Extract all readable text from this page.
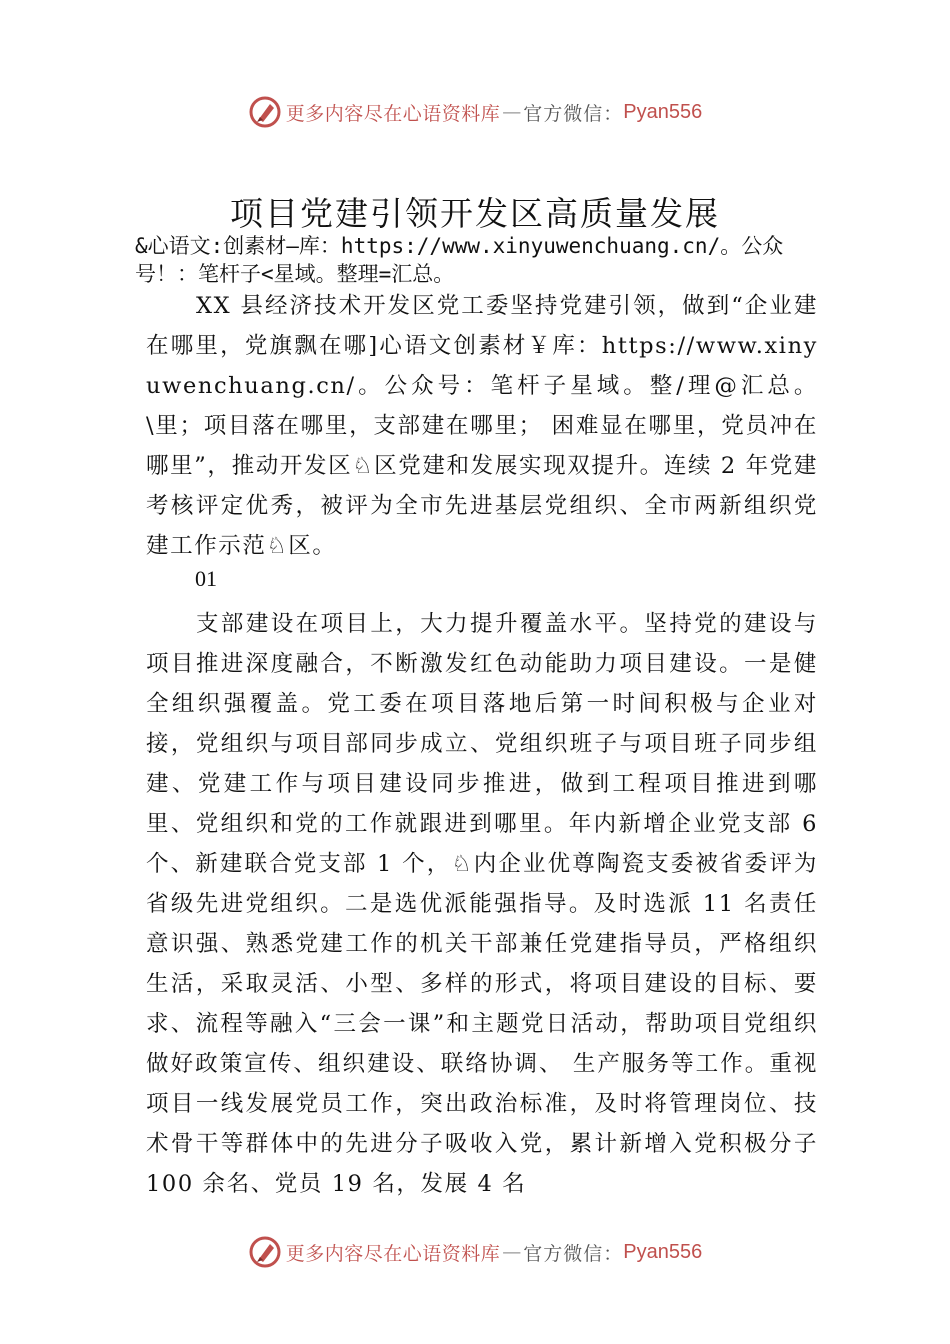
更多内容尽在心语资料库 — 官方微信： Pyan556
项目党建引领开发区高质量发展
&心语文:创素材—库：https://www.xinyuwenchuang.cn/。公众号！：笔杆子<星域。整理=汇总。
XX 县经济技术开发区党工委坚持党建引领，做到“企业建在哪里，党旗飘在哪]心语文创素材￥库：https://www.xinyuwenchuang.cn/。公众号：笔杆子星域。整/理@汇总。\里；项目落在哪里，支部建在哪里； 困难显在哪里，党员冲在哪里”，推动开发区♘区党建和发展实现双提升。连续 2 年党建考核评定优秀，被评为全市先进基层党组织、全市两新组织党建工作示范♘区。
01
支部建设在项目上，大力提升覆盖水平。坚持党的建设与项目推进深度融合，不断激发红色动能助力项目建设。一是健全组织强覆盖。党工委在项目落地后第一时间积极与企业对接，党组织与项目部同步成立、党组织班子与项目班子同步组建、党建工作与项目建设同步推进，做到工程项目推进到哪里、党组织和党的工作就跟进到哪里。年内新增企业党支部 6 个、新建联合党支部 1 个，♘内企业优尊陶瓷支委被省委评为省级先进党组织。二是选优派能强指导。及时选派 11 名责任意识强、熟悉党建工作的机关干部兼任党建指导员，严格组织生活，采取灵活、小型、多样的形式，将项目建设的目标、要求、流程等融入“三会一课”和主题党日活动，帮助项目党组织做好政策宣传、组织建设、联络协调、 生产服务等工作。重视项目一线发展党员工作，突出政治标准，及时将管理岗位、技术骨干等群体中的先进分子吸收入党，累计新增入党积极分子 100 余名、党员 19 名，发展 4 名
更多内容尽在心语资料库 — 官方微信： Pyan556
